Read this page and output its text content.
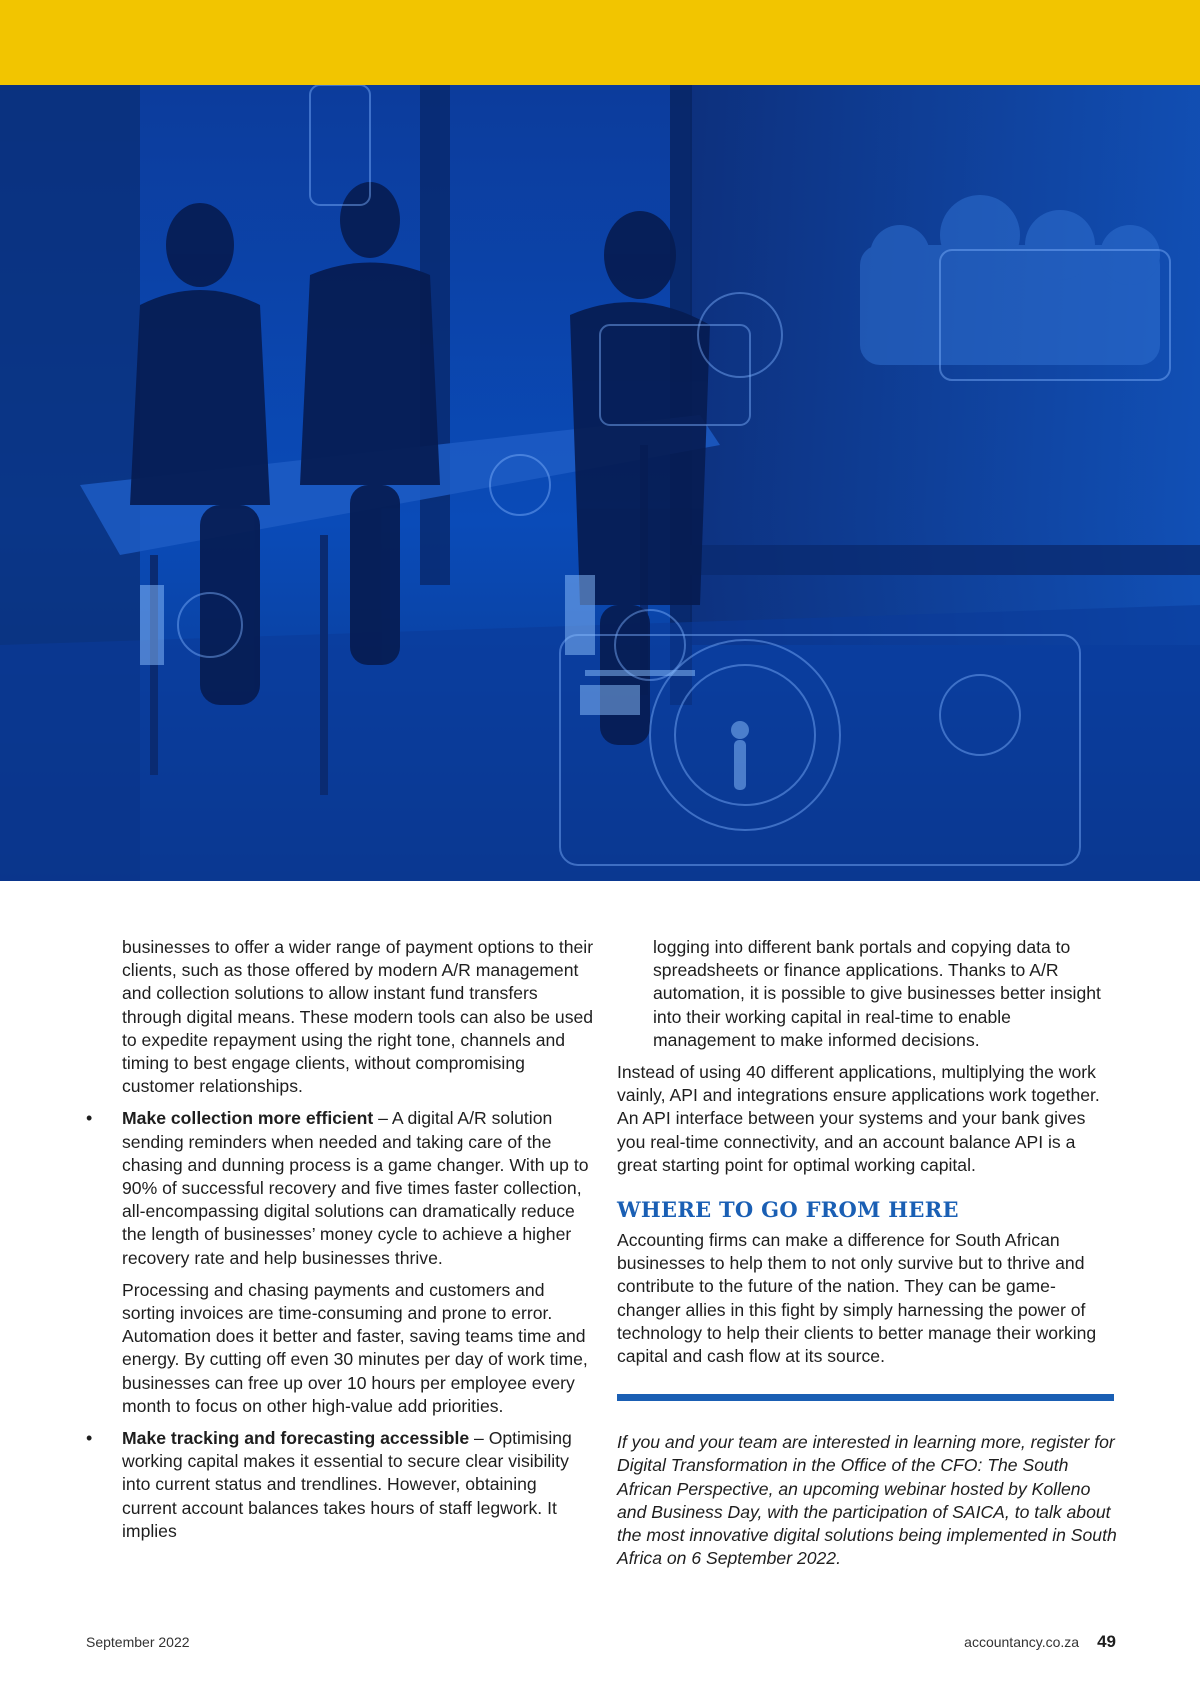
businesses to offer a wider range of payment options to their clients, such as those offered by modern A/R management and collection solutions to allow instant fund transfers through digital means. These modern tools can also be used to expedite repayment using the right tone, channels and timing to best engage clients, without compromising customer relationships.

• Make collection more efficient – A digital A/R solution sending reminders when needed and taking care of the chasing and dunning process is a game changer. With up to 90% of successful recovery and five times faster collection, all-encompassing digital solutions can dramatically reduce the length of businesses’ money cycle to achieve a higher recovery rate and help businesses thrive.

Processing and chasing payments and customers and sorting invoices are time-consuming and prone to error. Automation does it better and faster, saving teams time and energy. By cutting off even 30 minutes per day of work time, businesses can free up over 10 hours per employee every month to focus on other high-value add priorities.

• Make tracking and forecasting accessible – Optimising working capital makes it essential to secure clear visibility into current status and trendlines. However, obtaining current account balances takes hours of staff legwork. It implies

logging into different bank portals and copying data to spreadsheets or finance applications. Thanks to A/R automation, it is possible to give businesses better insight into their working capital in real-time to enable management to make informed decisions.

Instead of using 40 different applications, multiplying the work vainly, API and integrations ensure applications work together. An API interface between your systems and your bank gives you real-time connectivity, and an account balance API is a great starting point for optimal working capital.

WHERE TO GO FROM HERE

Accounting firms can make a difference for South African businesses to help them to not only survive but to thrive and contribute to the future of the nation. They can be game-changer allies in this fight by simply harnessing the power of technology to help their clients to better manage their working capital and cash flow at its source.

If you and your team are interested in learning more, register for Digital Transformation in the Office of the CFO: The South African Perspective, an upcoming webinar hosted by Kolleno and Business Day, with the participation of SAICA, to talk about the most innovative digital solutions being implemented in South Africa on 6 September 2022.

September 2022	accountancy.co.za 49
